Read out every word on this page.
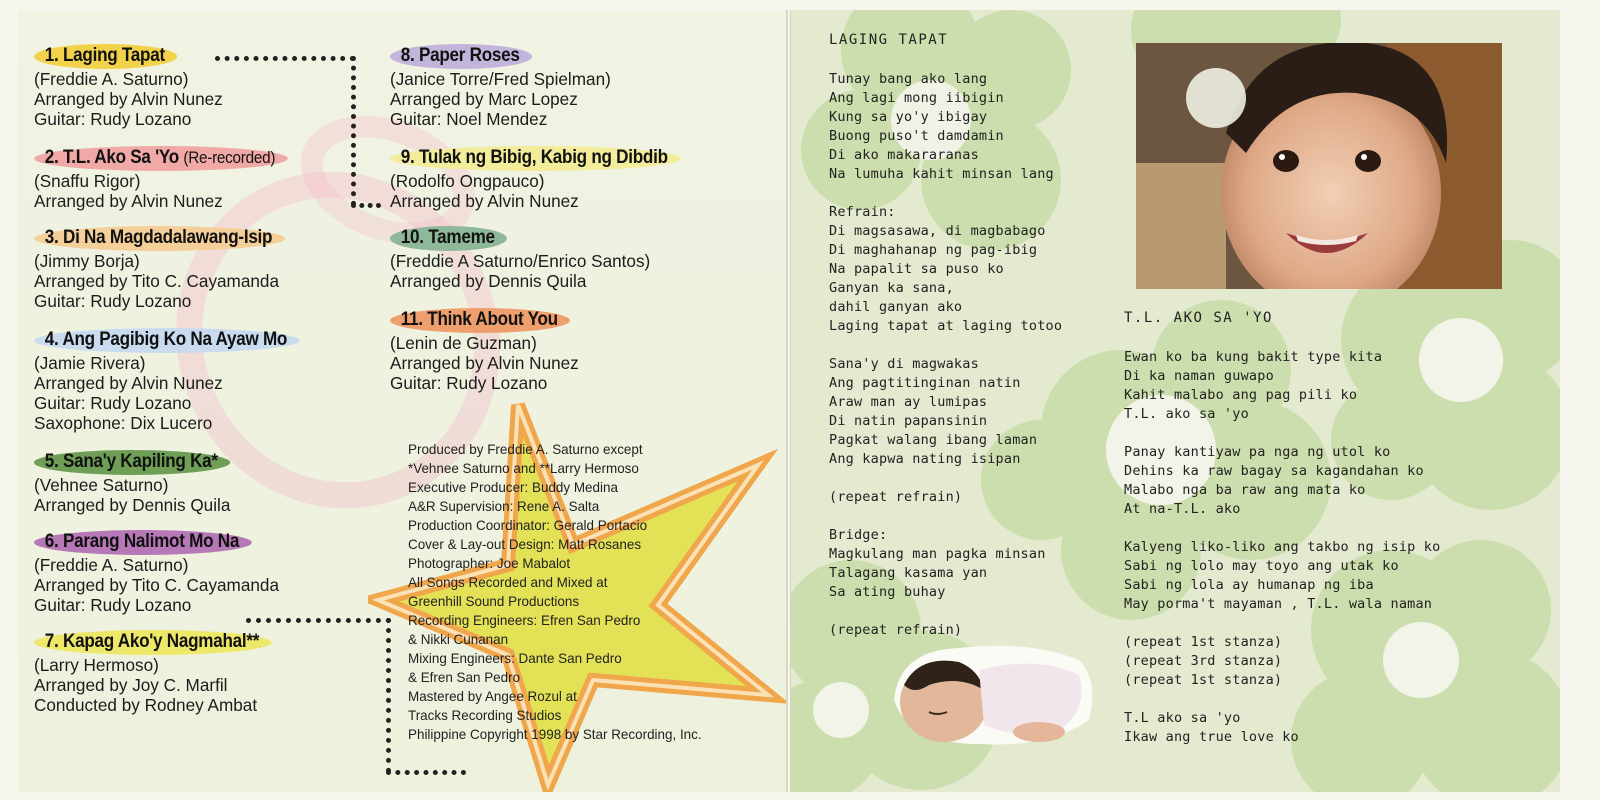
1. Laging Tapat
(Freddie A. Saturno)
Arranged by Alvin Nunez
Guitar: Rudy Lozano
2. T.L. Ako Sa 'Yo (Re-recorded)
(Snaffu Rigor)
Arranged by Alvin Nunez
3. Di Na Magdadalawang-Isip
(Jimmy Borja)
Arranged by Tito C. Cayamanda
Guitar: Rudy Lozano
4. Ang Pagibig Ko Na Ayaw Mo
(Jamie Rivera)
Arranged by Alvin Nunez
Guitar: Rudy Lozano
Saxophone: Dix Lucero
5. Sana'y Kapiling Ka*
(Vehnee Saturno)
Arranged by Dennis Quila
6. Parang Nalimot Mo Na
(Freddie A. Saturno)
Arranged by Tito C. Cayamanda
Guitar: Rudy Lozano
7. Kapag Ako'y Nagmahal**
(Larry Hermoso)
Arranged by Joy C. Marfil
Conducted by Rodney Ambat
8. Paper Roses
(Janice Torre/Fred Spielman)
Arranged by Marc Lopez
Guitar: Noel Mendez
9. Tulak ng Bibig, Kabig ng Dibdib
(Rodolfo Ongpauco)
Arranged by Alvin Nunez
10. Tameme
(Freddie A Saturno/Enrico Santos)
Arranged by Dennis Quila
11. Think About You
(Lenin de Guzman)
Arranged by Alvin Nunez
Guitar: Rudy Lozano
Produced by Freddie A. Saturno except
*Vehnee Saturno and **Larry Hermoso
Executive Producer: Buddy Medina
A&R Supervision: Rene A. Salta
Production Coordinator: Gerald Portacio
Cover & Lay-out Design: Matt Rosanes
Photographer: Joe Mabalot
All Songs Recorded and Mixed at
Greenhill Sound Productions
Recording Engineers: Efren San Pedro
& Nikki Cunanan
Mixing Engineers: Dante San Pedro
& Efren San Pedro
Mastered by Angee Rozul at
Tracks Recording Studios
Philippine Copyright 1998 by Star Recording, Inc.
LAGING TAPAT
Tunay bang ako lang
Ang lagi mong iibigin
Kung sa yo'y ibigay
Buong puso't damdamin
Di ako makararanas
Na lumuha kahit minsan lang

Refrain:
Di magsasawa, di magbabago
Di maghahanap ng pag-ibig
Na papalit sa puso ko
Ganyan ka sana,
dahil ganyan ako
Laging tapat at laging totoo

Sana'y di magwakas
Ang pagtitinginan natin
Araw man ay lumipas
Di natin papansinin
Pagkat walang ibang laman
Ang kapwa nating isipan

(repeat refrain)

Bridge:
Magkulang man pagka minsan
Talagang kasama yan
Sa ating buhay

(repeat refrain)
T.L. AKO SA 'YO
Ewan ko ba kung bakit type kita
Di ka naman guwapo
Kahit malabo ang pag pili ko
T.L. ako sa 'yo

Panay kantiyaw pa nga ng utol ko
Dehins ka raw bagay sa kagandahan ko
Malabo nga ba raw ang mata ko
At na-T.L. ako

Kalyeng liko-liko ang takbo ng isip ko
Sabi ng lolo may toyo ang utak ko
Sabi ng lola ay humanap ng iba
May porma't mayaman , T.L. wala naman

(repeat 1st stanza)
(repeat 3rd stanza)
(repeat 1st stanza)

T.L ako sa 'yo
Ikaw ang true love ko
